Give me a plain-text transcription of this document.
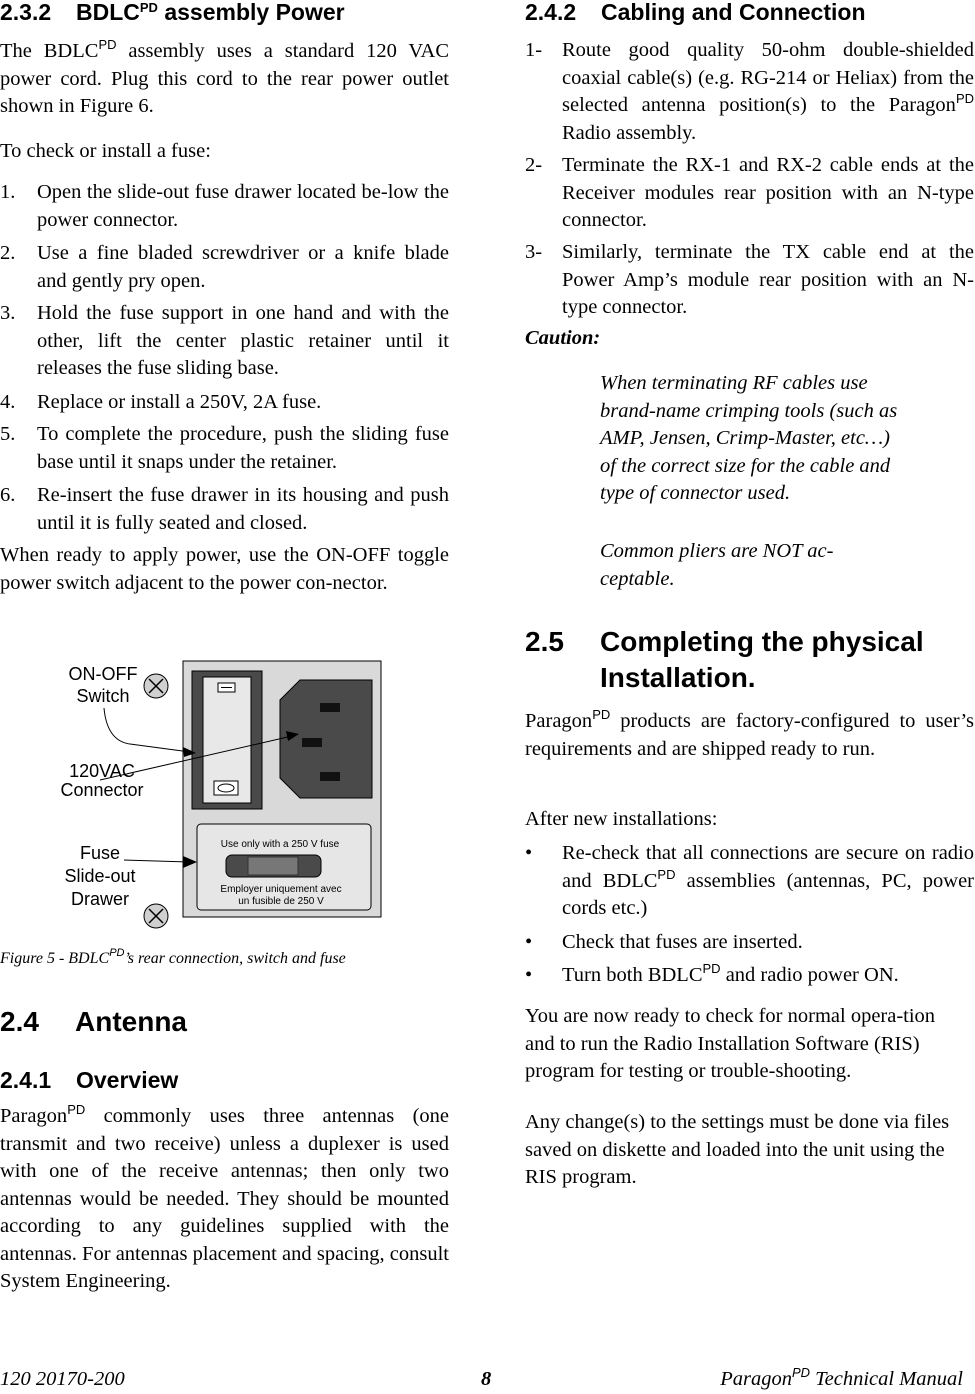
2.3.2 $BDLC^{PD}$ assembly Power
The $BDLC^{PD}$ assembly uses a standard 120 VAC power cord. Plug this cord to the rear power outlet shown in Figure 6.
To check or install a fuse:
1. Open the slide-out fuse drawer located be-low the power connector.
2. Use a fine bladed screwdriver or a knife blade and gently pry open.
3. Hold the fuse support in one hand and with the other, lift the center plastic retainer until it releases the fuse sliding base.
4. Replace or install a 250V, 2A fuse.
5. To complete the procedure, push the sliding fuse base until it snaps under the retainer.
6. Re-insert the fuse drawer in its housing and push until it is fully seated and closed.
When ready to apply power, use the ON-OFF toggle power switch adjacent to the power con-nector.
Use only with a 250 V fuse
Employer uniquement avec
un fusible de 250 V
ON-OFF
Switch
120VAC
Connector
Fuse
Slide-out
Drawer
Figure $5 - BDLC^{PD}’s$ rear connection, switch and fuse
2.4 Antenna
2.4.1 Overview
Paragon$^{PD}$ commonly uses three antennas (one transmit and two receive) unless a duplexer is used with one of the receive antennas; then only two antennas would be needed. They should be mounted according to any guidelines supplied with the antennas. For antennas placement and spacing, consult System Engineering.
2.4.2 Cabling and Connection
1- Route good quality 50-ohm double-shielded coaxial cable(s) (e.g. RG-214 or Heliax) from the selected antenna position(s) to the Paragon$^{PD}$ Radio assembly.
2- Terminate the RX-1 and RX-2 cable ends at the Receiver modules rear position with an N-type connector.
3- Similarly, terminate the TX cable end at the Power Amp’s module rear position with an N-type connector.
Caution:
When terminating RF cables use brand-name crimping tools (such as AMP, Jensen, Crimp-Master, etc…) of the correct size for the cable and type of connector used.
Common pliers are NOT ac-ceptable.
2.5 Completing the physical
Installation.
Paragon$^{PD}$ products are factory-configured to user’s requirements and are shipped ready to run.
After new installations:
• Re-check that all connections are secure on radio and $BDLC^{PD}$ assemblies (antennas, PC, power cords etc.)
• Check that fuses are inserted.
• Turn both $BDLC^{PD}$ and radio power ON.
You are now ready to check for normal opera-tion and to run the Radio Installation Software (RIS) program for testing or trouble-shooting.
Any change(s) to the settings must be done via files saved on diskette and loaded into the unit using the RIS program.
120 20170-200	8	Paragon$^{PD}$ Technical Manual
